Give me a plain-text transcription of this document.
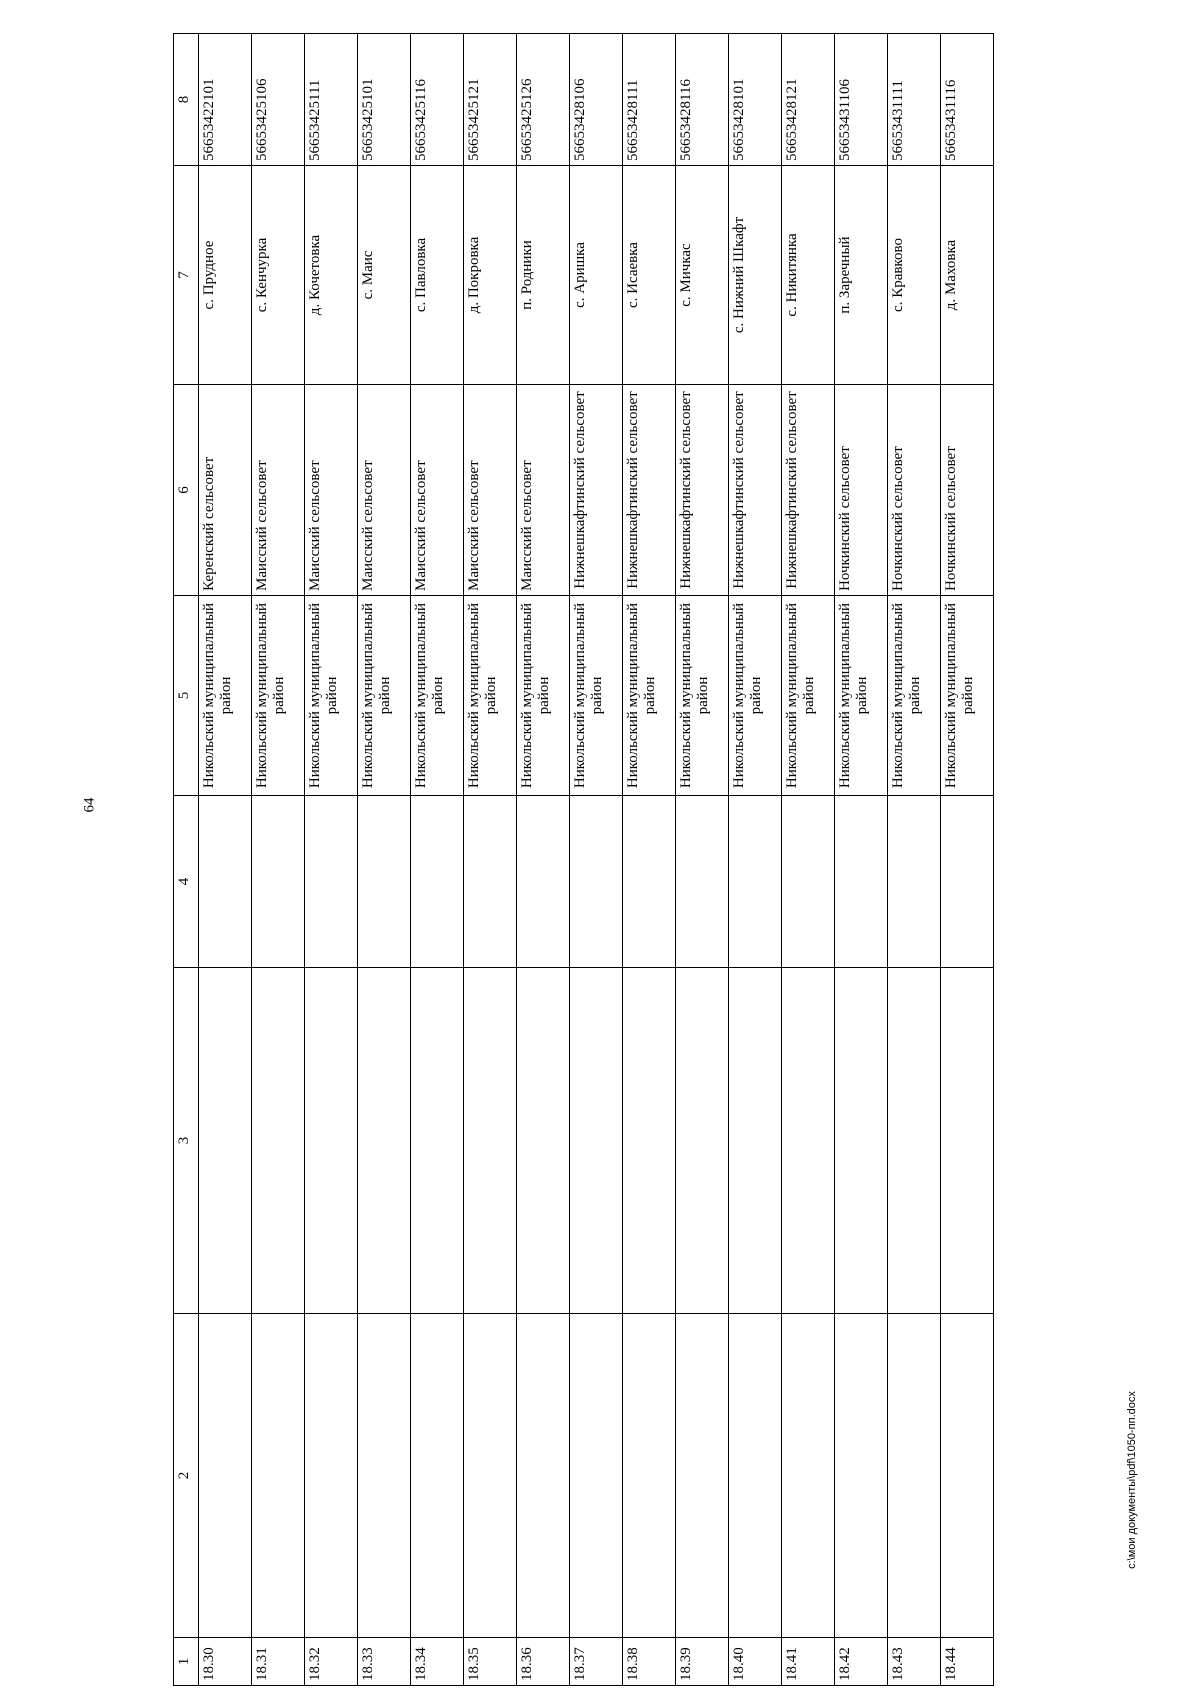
64
1	2	3	4	5	6	7	8
18.30				Никольский муниципальный район	Керенский сельсовет	с. Прудное	56653422101
18.31				Никольский муниципальный район	Маисский сельсовет	с. Кенчурка	56653425106
18.32				Никольский муниципальный район	Маисский сельсовет	д. Кочетовка	56653425111
18.33				Никольский муниципальный район	Маисский сельсовет	с. Маис	56653425101
18.34				Никольский муниципальный район	Маисский сельсовет	с. Павловка	56653425116
18.35				Никольский муниципальный район	Маисский сельсовет	д. Покровка	56653425121
18.36				Никольский муниципальный район	Маисский сельсовет	п. Родники	56653425126
18.37				Никольский муниципальный район	Нижнешкафтинский сельсовет	с. Аришка	56653428106
18.38				Никольский муниципальный район	Нижнешкафтинский сельсовет	с. Исаевка	56653428111
18.39				Никольский муниципальный район	Нижнешкафтинский сельсовет	с. Мичкас	56653428116
18.40				Никольский муниципальный район	Нижнешкафтинский сельсовет	с. Нижний Шкафт	56653428101
18.41				Никольский муниципальный район	Нижнешкафтинский сельсовет	с. Никитянка	56653428121
18.42				Никольский муниципальный район	Ночкинский сельсовет	п. Заречный	56653431106
18.43				Никольский муниципальный район	Ночкинский сельсовет	с. Кравково	56653431111
18.44				Никольский муниципальный район	Ночкинский сельсовет	д. Маховка	56653431116
c:\мои документы\pdf\1050-пп.docx
